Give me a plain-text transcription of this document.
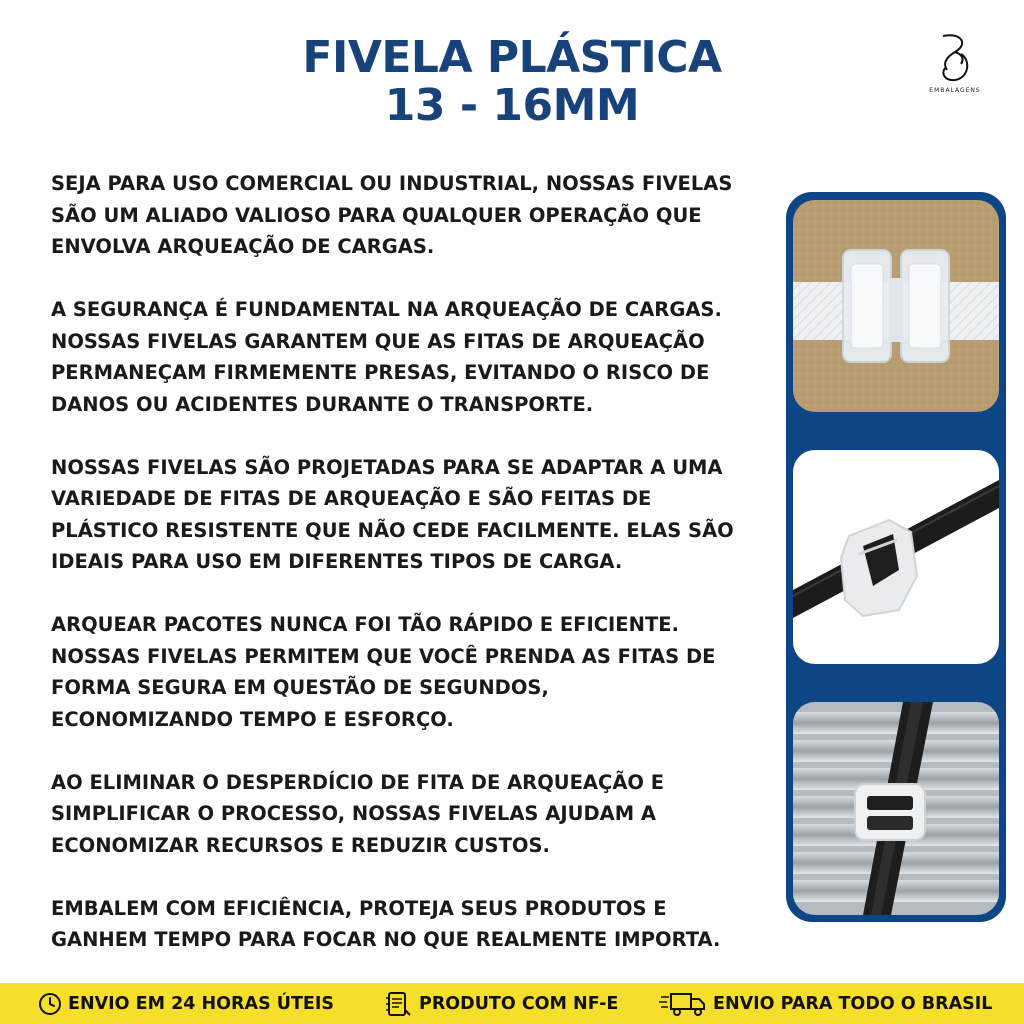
FIVELA PLÁSTICA
13 - 16MM	EMBALAGENS

SEJA PARA USO COMERCIAL OU INDUSTRIAL, NOSSAS FIVELAS
SÃO UM ALIADO VALIOSO PARA QUALQUER OPERAÇÃO QUE
ENVOLVA ARQUEAÇÃO DE CARGAS.

A SEGURANÇA É FUNDAMENTAL NA ARQUEAÇÃO DE CARGAS.
NOSSAS FIVELAS GARANTEM QUE AS FITAS DE ARQUEAÇÃO
PERMANEÇAM FIRMEMENTE PRESAS, EVITANDO O RISCO DE
DANOS OU ACIDENTES DURANTE O TRANSPORTE.

NOSSAS FIVELAS SÃO PROJETADAS PARA SE ADAPTAR A UMA
VARIEDADE DE FITAS DE ARQUEAÇÃO E SÃO FEITAS DE
PLÁSTICO RESISTENTE QUE NÃO CEDE FACILMENTE. ELAS SÃO
IDEAIS PARA USO EM DIFERENTES TIPOS DE CARGA.

ARQUEAR PACOTES NUNCA FOI TÃO RÁPIDO E EFICIENTE.
NOSSAS FIVELAS PERMITEM QUE VOCÊ PRENDA AS FITAS DE
FORMA SEGURA EM QUESTÃO DE SEGUNDOS,
ECONOMIZANDO TEMPO E ESFORÇO.

AO ELIMINAR O DESPERDÍCIO DE FITA DE ARQUEAÇÃO E
SIMPLIFICAR O PROCESSO, NOSSAS FIVELAS AJUDAM A
ECONOMIZAR RECURSOS E REDUZIR CUSTOS.

EMBALEM COM EFICIÊNCIA, PROTEJA SEUS PRODUTOS E
GANHEM TEMPO PARA FOCAR NO QUE REALMENTE IMPORTA.

ENVIO EM 24 HORAS ÚTEIS	PRODUTO COM NF-E	ENVIO PARA TODO O BRASIL
